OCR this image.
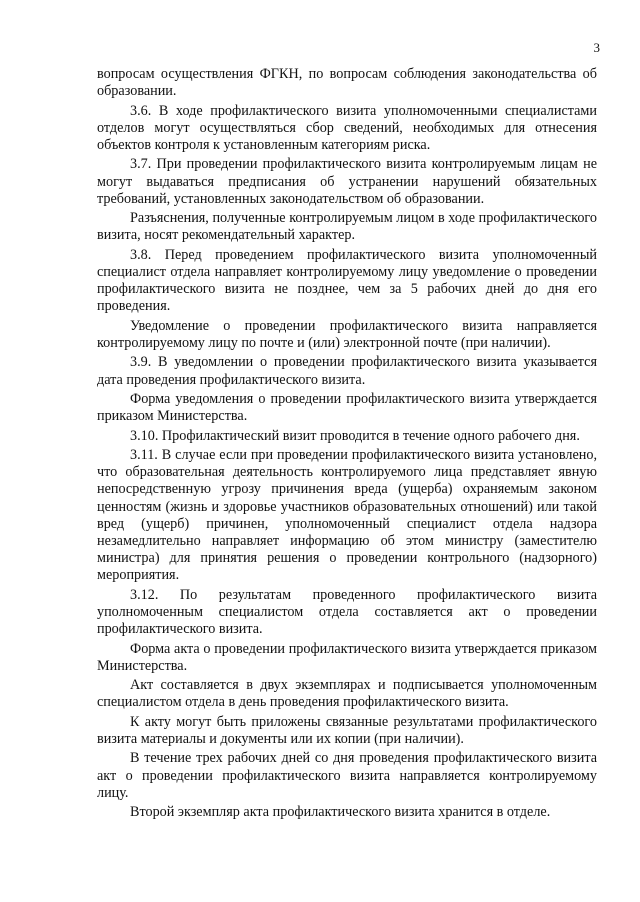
3

вопросам осуществления ФГКН, по вопросам соблюдения законодательства об образовании.

3.6. В ходе профилактического визита уполномоченными специалистами отделов могут осуществляться сбор сведений, необходимых для отнесения объектов контроля к установленным категориям риска.

3.7. При проведении профилактического визита контролируемым лицам не могут выдаваться предписания об устранении нарушений обязательных требований, установленных законодательством об образовании.

Разъяснения, полученные контролируемым лицом в ходе профилактического визита, носят рекомендательный характер.

3.8. Перед проведением профилактического визита уполномоченный специалист отдела направляет контролируемому лицу уведомление о проведении профилактического визита не позднее, чем за 5 рабочих дней до дня его проведения.

Уведомление о проведении профилактического визита направляется контролируемому лицу по почте и (или) электронной почте (при наличии).

3.9. В уведомлении о проведении профилактического визита указывается дата проведения профилактического визита.

Форма уведомления о проведении профилактического визита утверждается приказом Министерства.

3.10. Профилактический визит проводится в течение одного рабочего дня.

3.11. В случае если при проведении профилактического визита установлено, что образовательная деятельность контролируемого лица представляет явную непосредственную угрозу причинения вреда (ущерба) охраняемым законом ценностям (жизнь и здоровье участников образовательных отношений) или такой вред (ущерб) причинен, уполномоченный специалист отдела надзора незамедлительно направляет информацию об этом министру (заместителю министра) для принятия решения о проведении контрольного (надзорного) мероприятия.

3.12. По результатам проведенного профилактического визита уполномоченным специалистом отдела составляется акт о проведении профилактического визита.

Форма акта о проведении профилактического визита утверждается приказом Министерства.

Акт составляется в двух экземплярах и подписывается уполномоченным специалистом отдела в день проведения профилактического визита.

К акту могут быть приложены связанные результатами профилактического визита материалы и документы или их копии (при наличии).

В течение трех рабочих дней со дня проведения профилактического визита акт о проведении профилактического визита направляется контролируемому лицу.

Второй экземпляр акта профилактического визита хранится в отделе.
